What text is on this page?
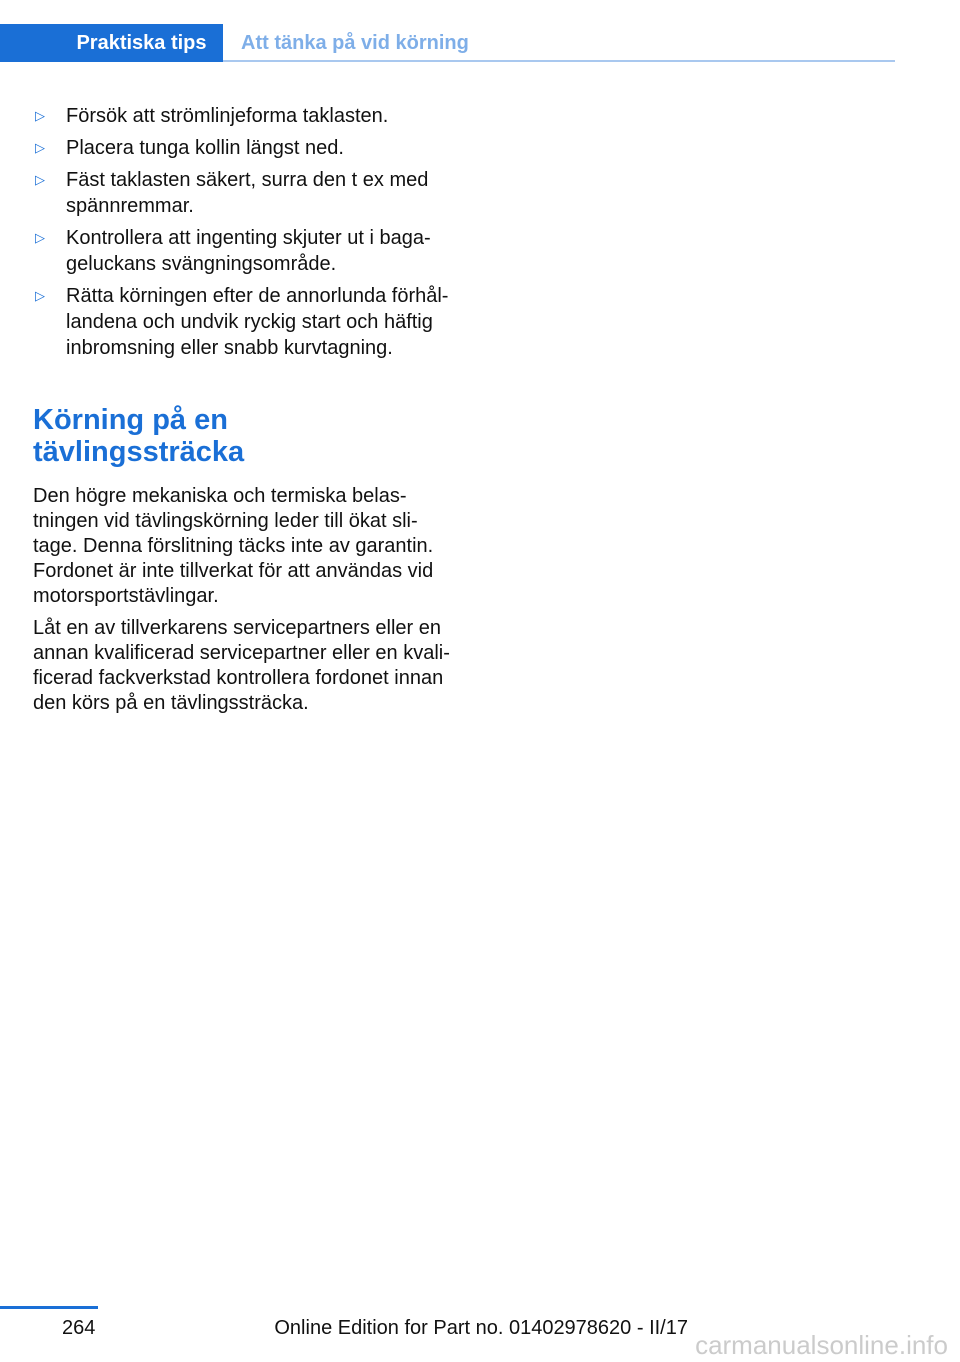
Praktiska tips	Att tänka på vid körning
▷ Försök att strömlinjeforma taklasten.
▷ Placera tunga kollin längst ned.
▷ Fäst taklasten säkert, surra den t ex med
spännremmar.
▷ Kontrollera att ingenting skjuter ut i baga-
geluckans svängningsområde.
▷ Rätta körningen efter de annorlunda förhål-
landena och undvik ryckig start och häftig
inbromsning eller snabb kurvtagning.
Körning på en
tävlingssträcka

Den högre mekaniska och termiska belas-
tningen vid tävlingskörning leder till ökat sli-
tage. Denna förslitning täcks inte av garantin.
Fordonet är inte tillverkat för att användas vid
motorsportstävlingar.

Låt en av tillverkarens servicepartners eller en
annan kvalificerad servicepartner eller en kvali-
ficerad fackverkstad kontrollera fordonet innan
den körs på en tävlingssträcka.

264	Online Edition for Part no. 01402978620 - II/17
carmanualsonline.info
